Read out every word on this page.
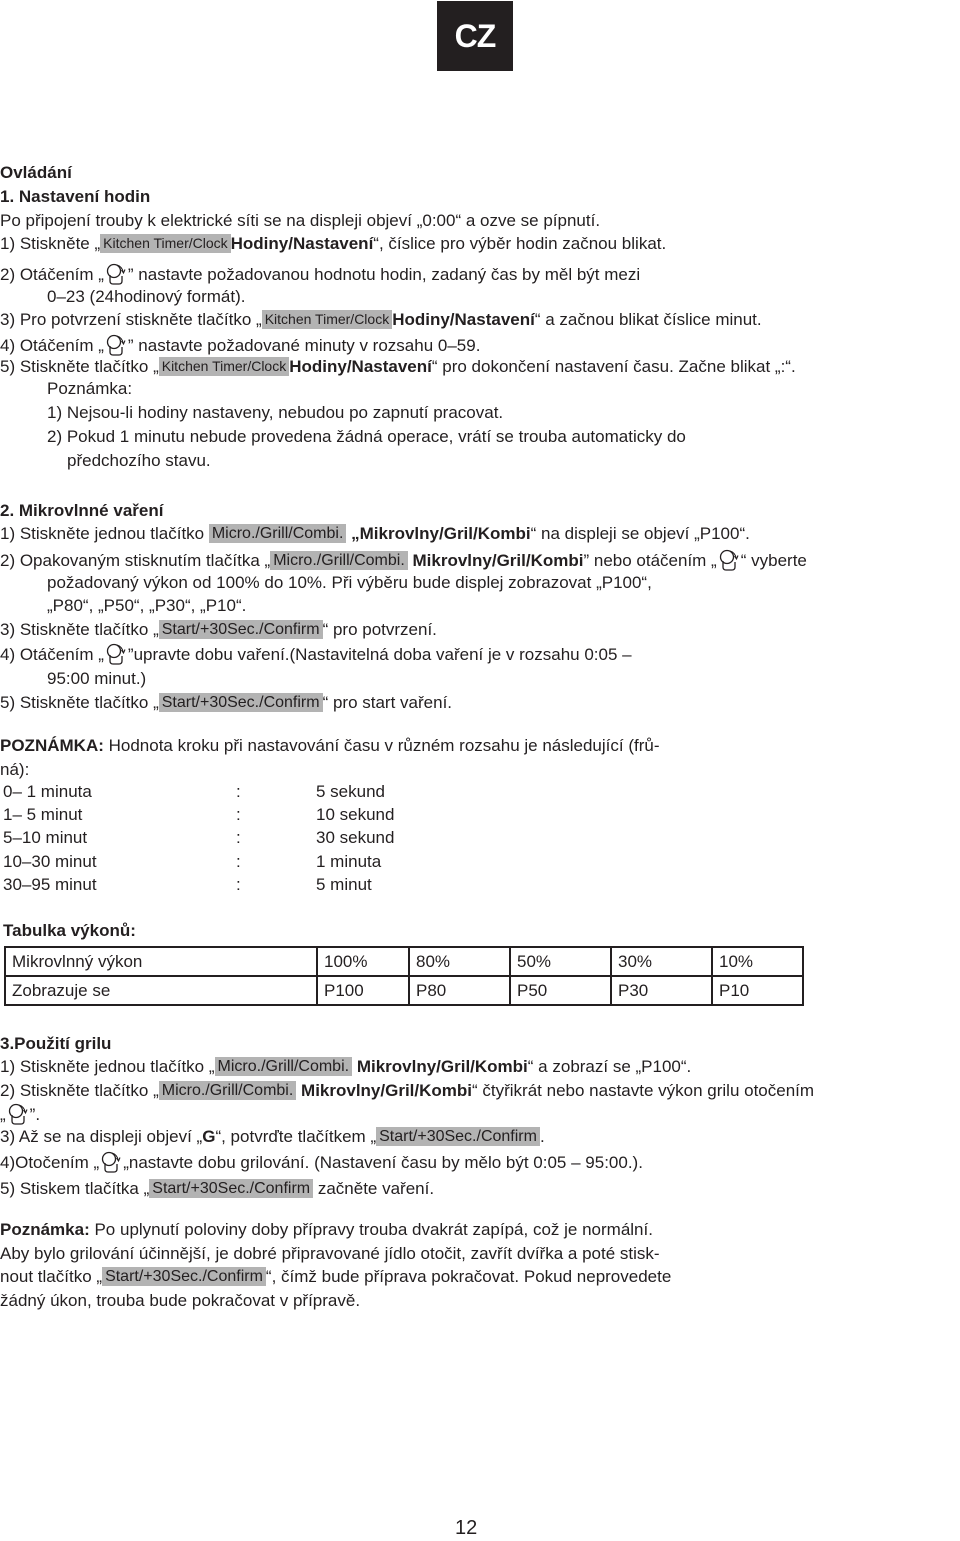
CZ
Ovládání
1. Nastavení hodin
Po připojení trouby k elektrické síti se na displeji objeví „0:00“ a ozve se pípnutí.
1) Stiskněte „ Kitchen Timer/Clock Hodiny/Nastavení“, číslice pro výběr hodin začnou blikat.
2) Otáčením „ ” nastavte požadovanou hodnotu hodin, zadaný čas by měl být mezi
0–23 (24hodinový formát).
3) Pro potvrzení stiskněte tlačítko „ Kitchen Timer/Clock Hodiny/Nastavení“ a začnou blikat číslice minut.
4) Otáčením „ ” nastavte požadované minuty v rozsahu 0–59.
5) Stiskněte tlačítko „ Kitchen Timer/Clock Hodiny/Nastavení“ pro dokončení nastavení času. Začne blikat „:“.
Poznámka:
1) Nejsou-li hodiny nastaveny, nebudou po zapnutí pracovat.
2) Pokud 1 minutu nebude provedena žádná operace, vrátí se trouba automaticky do
předchozího stavu.
2. Mikrovlnné vaření
1) Stiskněte jednou tlačítko Micro./Grill/Combi. „Mikrovlny/Gril/Kombi“ na displeji se objeví „P100“.
2) Opakovaným stisknutím tlačítka „ Micro./Grill/Combi. Mikrovlny/Gril/Kombi” nebo otáčením „ “ vyberte
požadovaný výkon od 100% do 10%. Při výběru bude displej zobrazovat „P100“,
„P80“, „P50“, „P30“, „P10“.
3) Stiskněte tlačítko „ Start/+30Sec./Confirm “ pro potvrzení.
4) Otáčením „ ”upravte dobu vaření.(Nastavitelná doba vaření je v rozsahu 0:05 –
95:00 minut.)
5) Stiskněte tlačítko „ Start/+30Sec./Confirm “ pro start vaření.
POZNÁMKA: Hodnota kroku při nastavování času v různém rozsahu je následující (frů-
ná):
0– 1 minuta	:	5 sekund
1– 5 minut	:	10 sekund
5–10 minut	:	30 sekund
10–30 minut	:	1 minuta
30–95 minut	:	5 minut
Tabulka výkonů:
Mikrovlnný výkon	100%	80%	50%	30%	10%
Zobrazuje se	P100	P80	P50	P30	P10
3.Použití grilu
1) Stiskněte jednou tlačítko „ Micro./Grill/Combi. Mikrovlny/Gril/Kombi“ a zobrazí se „P100“.
2) Stiskněte tlačítko „ Micro./Grill/Combi. Mikrovlny/Gril/Kombi“ čtyřikrát nebo nastavte výkon grilu otočením
„ ”.
3) Až se na displeji objeví „G“, potvrďte tlačítkem „ Start/+30Sec./Confirm .
4)Otočením „ „nastavte dobu grilování. (Nastavení času by mělo být 0:05 – 95:00.).
5) Stiskem tlačítka „ Start/+30Sec./Confirm začněte vaření.
Poznámka: Po uplynutí poloviny doby přípravy trouba dvakrát zapípá, což je normální.
Aby bylo grilování účinnější, je dobré připravované jídlo otočit, zavřít dvířka a poté stisk-
nout tlačítko „ Start/+30Sec./Confirm “, čímž bude příprava pokračovat. Pokud neprovedete
žádný úkon, trouba bude pokračovat v přípravě.
12
